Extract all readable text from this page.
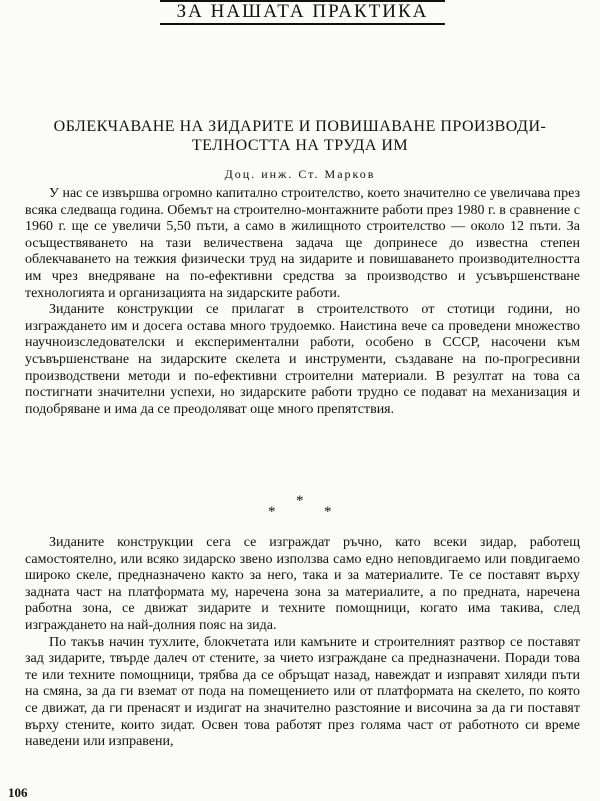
ЗА НАШАТА ПРАКТИКА
ОБЛЕКЧАВАНЕ НА ЗИДАРИТЕ И ПОВИШАВАНЕ ПРОИЗВОДИ-
ТЕЛНОСТТА НА ТРУДА ИМ
Доц. инж. Ст. Марков

У нас се извършва огромно капитално строителство, което значително се увеличава през всяка следваща година. Обемът на строително-монтажните работи през 1980 г. в сравнение с 1960 г. ще се увеличи 5,50 пъти, а само в жилищното строителство — около 12 пъти. За осъществяването на тази величествена задача ще допринесе до известна степен облекчаването на тежкия физически труд на зидарите и повишаването производителността им чрез внедряване на по-ефективни средства за производство и усъвършенстване технологията и организацията на зидарските работи.

Зиданите конструкции се прилагат в строителството от стотици години, но изграждането им и досега остава много трудоемко. Наистина вече са проведени множество научноизследователски и експериментални работи, особено в СССР, насочени към усъвършенстване на зидарските скелета и инструменти, създаване на по-прогресивни производствени методи и по-ефективни строителни материали. В резултат на това са постигнати значителни успехи, но зидарските работи трудно се подават на механизация и подобряване и има да се преодоляват още много препятствия.

*
*	*

Зиданите конструкции сега се изграждат ръчно, като всеки зидар, работещ самостоятелно, или всяко зидарско звено използва само едно неповдигаемо или повдигаемо широко скеле, предназначено както за него, така и за материалите. Те се поставят върху задната част на платформата му, наречена зона за материалите, а по предната, наречена работна зона, се движат зидарите и техните помощници, когато има такива, след изграждането на най-долния пояс на зида.

По такъв начин тухлите, блокчетата или камъните и строителният разтвор се поставят зад зидарите, твърде далеч от стените, за чието изграждане са предназначени. Поради това те или техните помощници, трябва да се обръщат назад, навеждат и изправят хиляди пъти на смяна, за да ги вземат от пода на помещението или от платформата на скелето, по която се движат, да ги пренасят и издигат на значително разстояние и височина за да ги поставят върху стените, които зидат. Освен това работят през голяма част от работното си време наведени или изправени,

106
